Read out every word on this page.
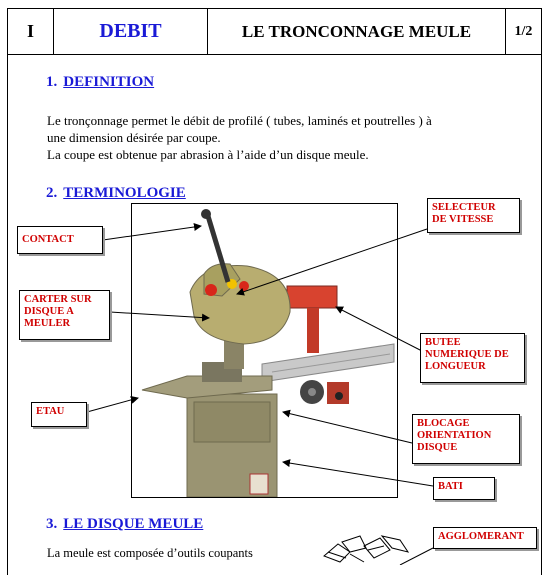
I	DEBIT	LE TRONCONNAGE MEULE	1/2
1. DEFINITION
Le tronçonnage permet le débit de profilé ( tubes, laminés et poutrelles ) à
une dimension désirée par coupe.
La coupe est obtenue par abrasion à l’aide d’un disque meule.
2. TERMINOLOGIE
CONTACT
CARTER SUR
DISQUE A
MEULER
ETAU
SELECTEUR
DE VITESSE
BUTEE
NUMERIQUE DE
LONGUEUR
BLOCAGE
ORIENTATION
DISQUE
BATI
3. LE DISQUE MEULE
La meule est composée d’outils coupants
AGGLOMERANT
